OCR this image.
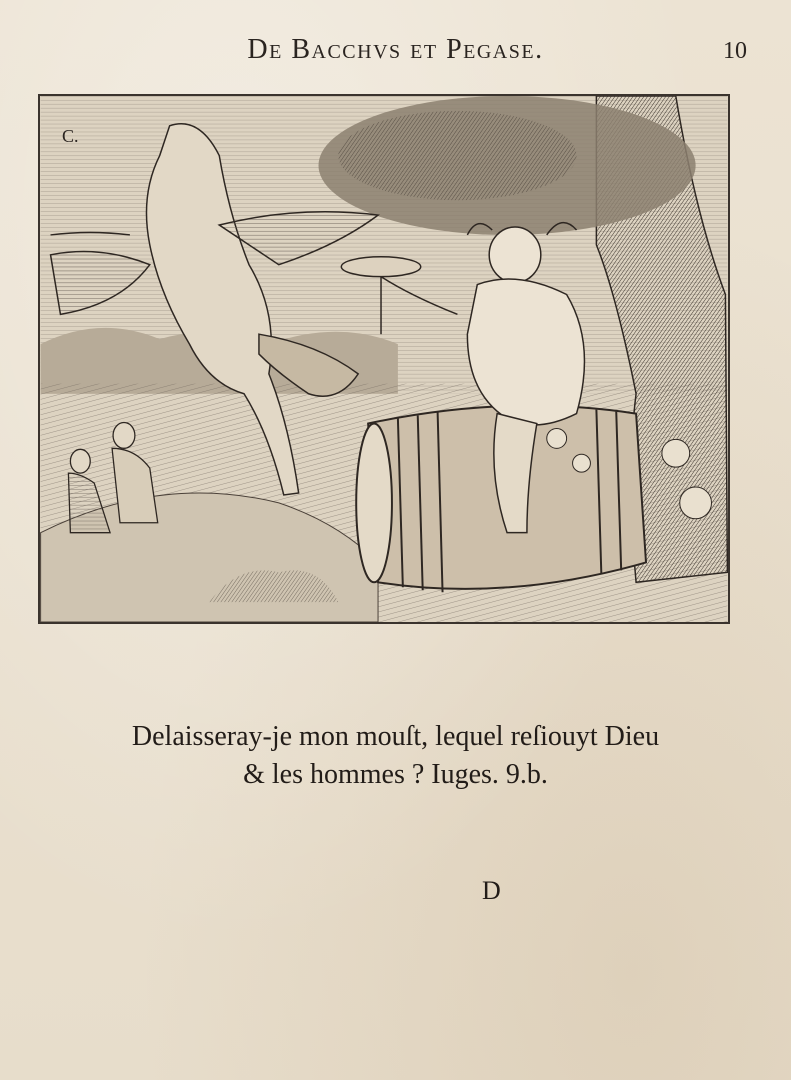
De Bacchvs et Pegase.	10
C.
Delaisseray-je mon mouſt, lequel reſiouyt Dieu
& les hommes ? Iuges. 9.b.
D
